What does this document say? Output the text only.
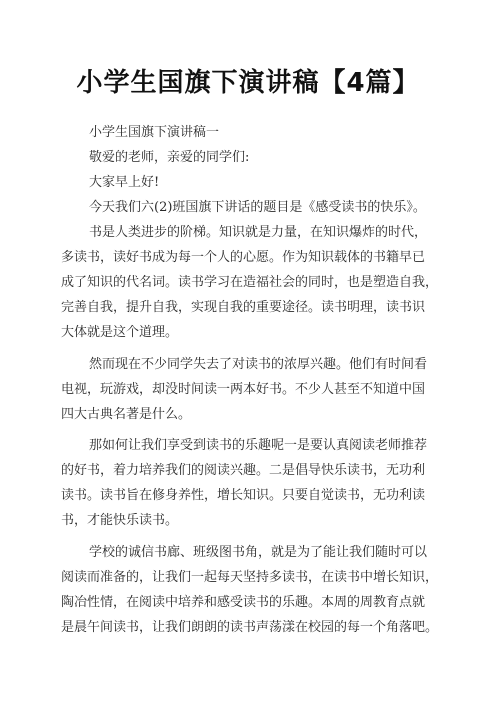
小学生国旗下演讲稿【4篇】
小学生国旗下演讲稿一
敬爱的老师，亲爱的同学们:
大家早上好!
今天我们六(2)班国旗下讲话的题目是《感受读书的快乐》。
书是人类进步的阶梯。知识就是力量，在知识爆炸的时代，
多读书，读好书成为每一个人的心愿。作为知识载体的书籍早已
成了知识的代名词。读书学习在造福社会的同时，也是塑造自我，
完善自我，提升自我，实现自我的重要途径。读书明理，读书识
大体就是这个道理。
然而现在不少同学失去了对读书的浓厚兴趣。他们有时间看
电视，玩游戏，却没时间读一两本好书。不少人甚至不知道中国
四大古典名著是什么。
那如何让我们享受到读书的乐趣呢一是要认真阅读老师推荐
的好书，着力培养我们的阅读兴趣。二是倡导快乐读书，无功利
读书。读书旨在修身养性，增长知识。只要自觉读书，无功利读
书，才能快乐读书。
学校的诚信书廊、班级图书角，就是为了能让我们随时可以
阅读而准备的，让我们一起每天坚持多读书，在读书中增长知识，
陶冶性情，在阅读中培养和感受读书的乐趣。本周的周教育点就
是晨午间读书，让我们朗朗的读书声荡漾在校园的每一个角落吧。
